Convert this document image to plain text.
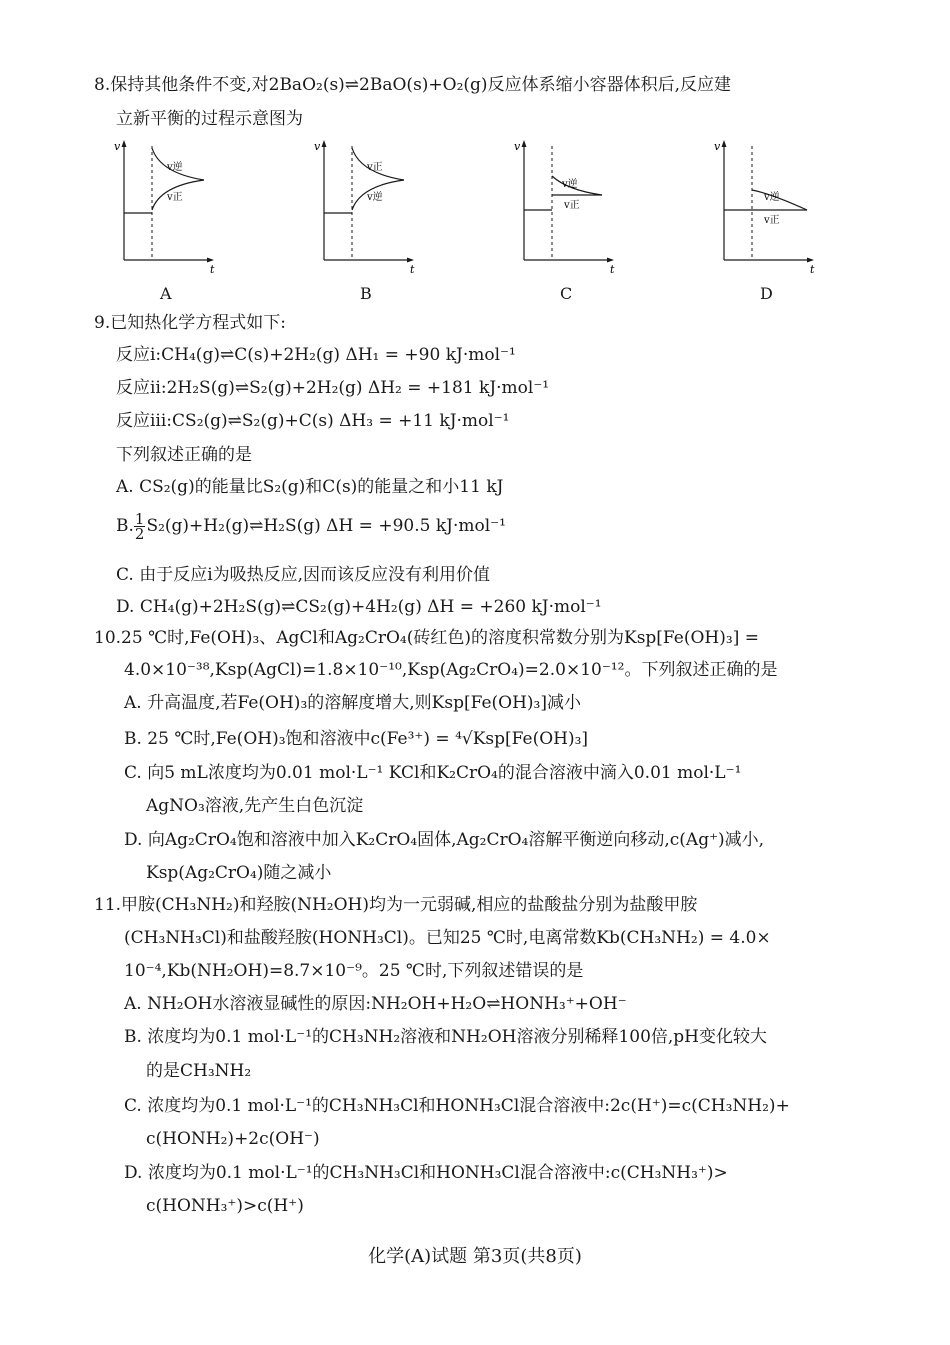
8.保持其他条件不变,对2BaO₂(s)⇌2BaO(s)+O₂(g)反应体系缩小容器体积后,反应建
立新平衡的过程示意图为
v
t
v逆
v正
A
v
t
v正
v逆
B
v
t
v逆
v正
C
v
t
v逆
v正
D
9.已知热化学方程式如下:
反应ⅰ:CH₄(g)⇌C(s)+2H₂(g) ΔH₁ = +90 kJ·mol⁻¹
反应ⅱ:2H₂S(g)⇌S₂(g)+2H₂(g) ΔH₂ = +181 kJ·mol⁻¹
反应ⅲ:CS₂(g)⇌S₂(g)+C(s) ΔH₃ = +11 kJ·mol⁻¹
下列叙述正确的是
A. CS₂(g)的能量比S₂(g)和C(s)的能量之和小11 kJ
B. $\frac{1}{2}$ S₂(g)+H₂(g)⇌H₂S(g) ΔH = +90.5 kJ·mol⁻¹
C. 由于反应ⅰ为吸热反应,因而该反应没有利用价值
D. CH₄(g)+2H₂S(g)⇌CS₂(g)+4H₂(g) ΔH = +260 kJ·mol⁻¹
10.25 ℃时,Fe(OH)₃、AgCl和Ag₂CrO₄(砖红色)的溶度积常数分别为Ksp[Fe(OH)₃] =
4.0×10⁻³⁸,Ksp(AgCl)=1.8×10⁻¹⁰,Ksp(Ag₂CrO₄)=2.0×10⁻¹²。下列叙述正确的是
A. 升高温度,若Fe(OH)₃的溶解度增大,则Ksp[Fe(OH)₃]减小
B. 25 ℃时,Fe(OH)₃饱和溶液中c(Fe³⁺) = ⁴√Ksp[Fe(OH)₃]
C. 向5 mL浓度均为0.01 mol·L⁻¹ KCl和K₂CrO₄的混合溶液中滴入0.01 mol·L⁻¹
AgNO₃溶液,先产生白色沉淀
D. 向Ag₂CrO₄饱和溶液中加入K₂CrO₄固体,Ag₂CrO₄溶解平衡逆向移动,c(Ag⁺)减小,
Ksp(Ag₂CrO₄)随之减小
11.甲胺(CH₃NH₂)和羟胺(NH₂OH)均为一元弱碱,相应的盐酸盐分别为盐酸甲胺
(CH₃NH₃Cl)和盐酸羟胺(HONH₃Cl)。已知25 ℃时,电离常数Kb(CH₃NH₂) = 4.0×
10⁻⁴,Kb(NH₂OH)=8.7×10⁻⁹。25 ℃时,下列叙述错误的是
A. NH₂OH水溶液显碱性的原因:NH₂OH+H₂O⇌HONH₃⁺+OH⁻
B. 浓度均为0.1 mol·L⁻¹的CH₃NH₂溶液和NH₂OH溶液分别稀释100倍,pH变化较大
的是CH₃NH₂
C. 浓度均为0.1 mol·L⁻¹的CH₃NH₃Cl和HONH₃Cl混合溶液中:2c(H⁺)=c(CH₃NH₂)+
c(HONH₂)+2c(OH⁻)
D. 浓度均为0.1 mol·L⁻¹的CH₃NH₃Cl和HONH₃Cl混合溶液中:c(CH₃NH₃⁺)>
c(HONH₃⁺)>c(H⁺)
化学(A)试题 第3页(共8页)
